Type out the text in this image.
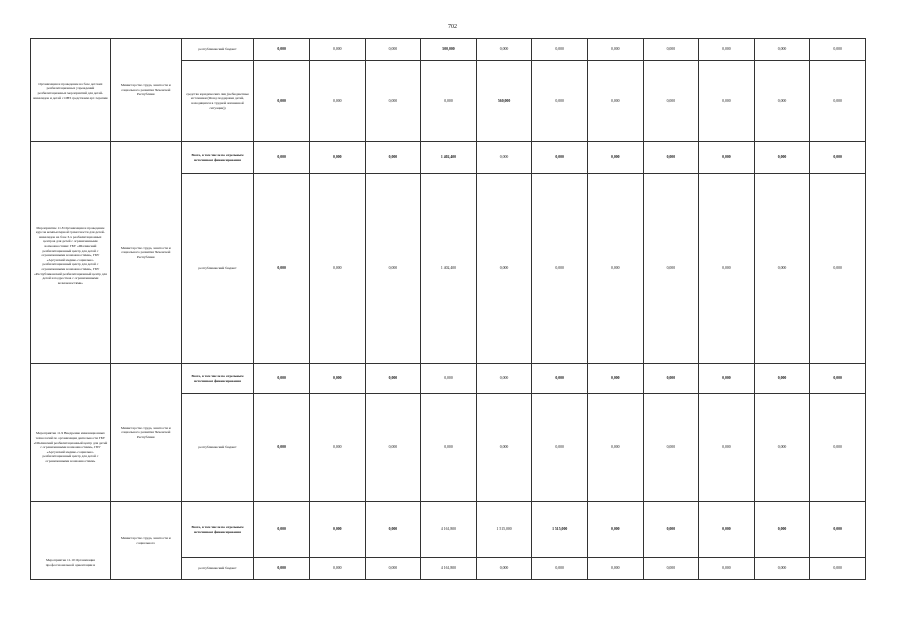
702
Организация и проведение на базе детских реабилитационных учреждений реабилитационных мероприятий для детей-инвалидов и детей с ОВЗ средствами арт-терапии	Министерство труда, занятости и социального развития Чеченской Республики	республиканский бюджет	0,000	0,000	0,000	500,000	0,000	0,000	0,000	0,000	0,000	0,000	0,000
		средства юридических лиц (небюджетные источники (Фонд поддержки детей, находящихся в трудной жизненной ситуации))	0,000	0,000	0,000	0,000	560,000	0,000	0,000	0,000	0,000	0,000	0,000
Мероприятие 11.8 Организация и проведение курсов компьютерной грамотности для детей-инвалидов на базе 3-х реабилитационных центров для детей с ограниченными возможностями: ГБУ «Шалинский реабилитационный центр для детей с ограниченными возможностями», ГБУ «Аргунский медико-социально-реабилитационный центр для детей с ограниченными возможностями», ГБУ «Республиканский реабилитационный центр для детей и подростков с ограниченными возможностями»	Министерство труда, занятости и социального развития Чеченской Республики	Всего, в том числе по отдельным источникам финансирования	0,000	0,000	0,000	1 402,400	0,000	0,000	0,000	0,000	0,000	0,000	0,000
		республиканский бюджет	0,000	0,000	0,000	1 402,400	0,000	0,000	0,000	0,000	0,000	0,000	0,000
Мероприятие 11.9 Внедрение инновационных технологий по организации деятельности ГБУ «Шалинский реабилитационный центр для детей с ограниченными возможностями», ГБУ «Аргунский медико-социально-реабилитационный центр для детей с ограниченными возможностями»	Министерство труда, занятости и социального развития Чеченской Республики	Всего, в том числе по отдельным источникам финансирования	0,000	0,000	0,000	0,000	0,000	0,000	0,000	0,000	0,000	0,000	0,000
		республиканский бюджет	0,000	0,000	0,000	0,000	0,000	0,000	0,000	0,000	0,000	0,000	0,000
Мероприятие 11.10 Организация профессиональной ориентации и	Министерство труда, занятости и социального	Всего, в том числе по отдельным источникам финансирования	0,000	0,000	0,000	4 161,800	1 515,000	1 515,000	0,000	0,000	0,000	0,000	0,000
		республиканский бюджет	0,000	0,000	0,000	4 161,800	0,000	0,000	0,000	0,000	0,000	0,000	0,000
